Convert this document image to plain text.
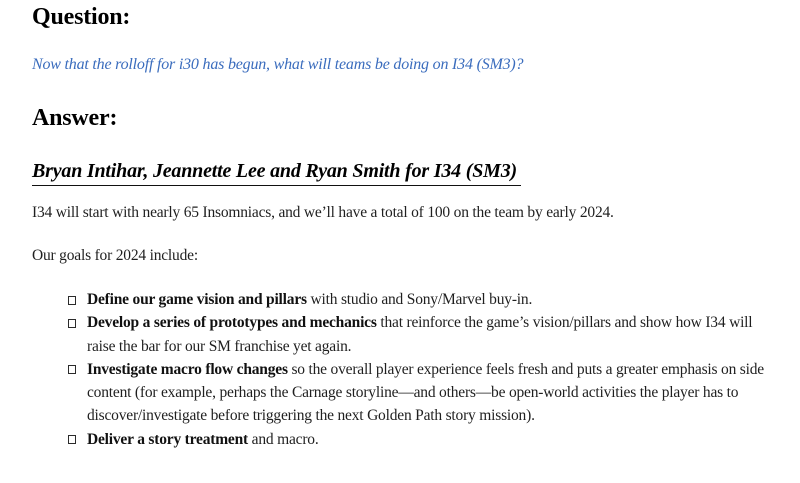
Question:
Now that the rolloff for i30 has begun, what will teams be doing on I34 (SM3)?
Answer:
Bryan Intihar, Jeannette Lee and Ryan Smith for I34 (SM3)
I34 will start with nearly 65 Insomniacs, and we’ll have a total of 100 on the team by early 2024.
Our goals for 2024 include:
Define our game vision and pillars with studio and Sony/Marvel buy-in.
Develop a series of prototypes and mechanics that reinforce the game’s vision/pillars and show how I34 will raise the bar for our SM franchise yet again.
Investigate macro flow changes so the overall player experience feels fresh and puts a greater emphasis on side content (for example, perhaps the Carnage storyline—and others—be open-world activities the player has to discover/investigate before triggering the next Golden Path story mission).
Deliver a story treatment and macro.
